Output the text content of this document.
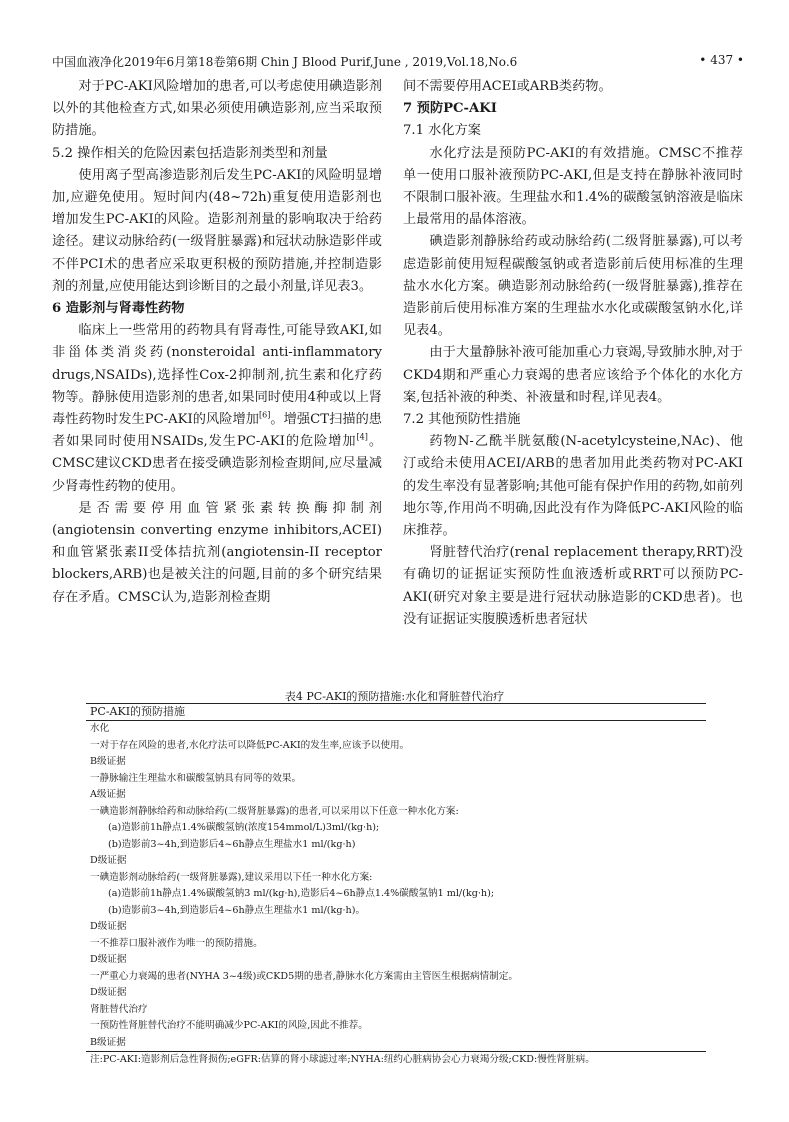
中国血液净化2019年6月第18卷第6期 Chin J Blood Purif,June , 2019,Vol.18,No.6	• 437 •
对于PC-AKI风险增加的患者,可以考虑使用碘造影剂以外的其他检查方式,如果必须使用碘造影剂,应当采取预防措施。
5.2 操作相关的危险因素包括造影剂类型和剂量
使用离子型高渗造影剂后发生PC-AKI的风险明显增加,应避免使用。短时间内(48~72h)重复使用造影剂也增加发生PC-AKI的风险。造影剂剂量的影响取决于给药途径。建议动脉给药(一级肾脏暴露)和冠状动脉造影伴或不伴PCI术的患者应采取更积极的预防措施,并控制造影剂的剂量,应使用能达到诊断目的之最小剂量,详见表3。
6 造影剂与肾毒性药物
临床上一些常用的药物具有肾毒性,可能导致AKI,如非甾体类消炎药(nonsteroidal anti-inflammatory drugs,NSAIDs),选择性Cox-2抑制剂,抗生素和化疗药物等。静脉使用造影剂的患者,如果同时使用4种或以上肾毒性药物时发生PC-AKI的风险增加[6]。增强CT扫描的患者如果同时使用NSAIDs,发生PC-AKI的危险增加[4]。CMSC建议CKD患者在接受碘造影剂检查期间,应尽量减少肾毒性药物的使用。
是否需要停用血管紧张素转换酶抑制剂(angiotensin converting enzyme inhibitors,ACEI)和血管紧张素II受体拮抗剂(angiotensin-II receptor blockers,ARB)也是被关注的问题,目前的多个研究结果存在矛盾。CMSC认为,造影剂检查期
间不需要停用ACEI或ARB类药物。
7 预防PC-AKI
7.1 水化方案
水化疗法是预防PC-AKI的有效措施。CMSC不推荐单一使用口服补液预防PC-AKI,但是支持在静脉补液同时不限制口服补液。生理盐水和1.4%的碳酸氢钠溶液是临床上最常用的晶体溶液。
碘造影剂静脉给药或动脉给药(二级肾脏暴露),可以考虑造影前使用短程碳酸氢钠或者造影前后使用标准的生理盐水水化方案。碘造影剂动脉给药(一级肾脏暴露),推荐在造影前后使用标准方案的生理盐水水化或碳酸氢钠水化,详见表4。
由于大量静脉补液可能加重心力衰竭,导致肺水肿,对于CKD4期和严重心力衰竭的患者应该给予个体化的水化方案,包括补液的种类、补液量和时程,详见表4。
7.2 其他预防性措施
药物N-乙酰半胱氨酸(N-acetylcysteine,NAc)、他汀或给未使用ACEI/ARB的患者加用此类药物对PC-AKI的发生率没有显著影响;其他可能有保护作用的药物,如前列地尔等,作用尚不明确,因此没有作为降低PC-AKI风险的临床推荐。
肾脏替代治疗(renal replacement therapy,RRT)没有确切的证据证实预防性血液透析或RRT可以预防PC-AKI(研究对象主要是进行冠状动脉造影的CKD患者)。也没有证据证实腹膜透析患者冠状
表4 PC-AKI的预防措施:水化和肾脏替代治疗
PC-AKI的预防措施
水化
一对于存在风险的患者,水化疗法可以降低PC-AKI的发生率,应该予以使用。
B级证据
一静脉输注生理盐水和碳酸氢钠具有同等的效果。
A级证据
一碘造影剂静脉给药和动脉给药(二级肾脏暴露)的患者,可以采用以下任意一种水化方案:
(a)造影前1h静点1.4%碳酸氢钠(浓度154mmol/L)3ml/(kg·h);
(b)造影前3~4h,到造影后4~6h静点生理盐水1 ml/(kg·h)
D级证据
一碘造影剂动脉给药(一级肾脏暴露),建议采用以下任一种水化方案:
(a)造影前1h静点1.4%碳酸氢钠3 ml/(kg·h),造影后4~6h静点1.4%碳酸氢钠1 ml/(kg·h);
(b)造影前3~4h,到造影后4~6h静点生理盐水1 ml/(kg·h)。
D级证据
一不推荐口服补液作为唯一的预防措施。
D级证据
一严重心力衰竭的患者(NYHA 3~4级)或CKD5期的患者,静脉水化方案需由主管医生根据病情制定。
D级证据
肾脏替代治疗
一预防性肾脏替代治疗不能明确减少PC-AKI的风险,因此不推荐。
B级证据
注:PC-AKI:造影剂后急性肾损伤;eGFR:估算的肾小球滤过率;NYHA:纽约心脏病协会心力衰竭分级;CKD:慢性肾脏病。
